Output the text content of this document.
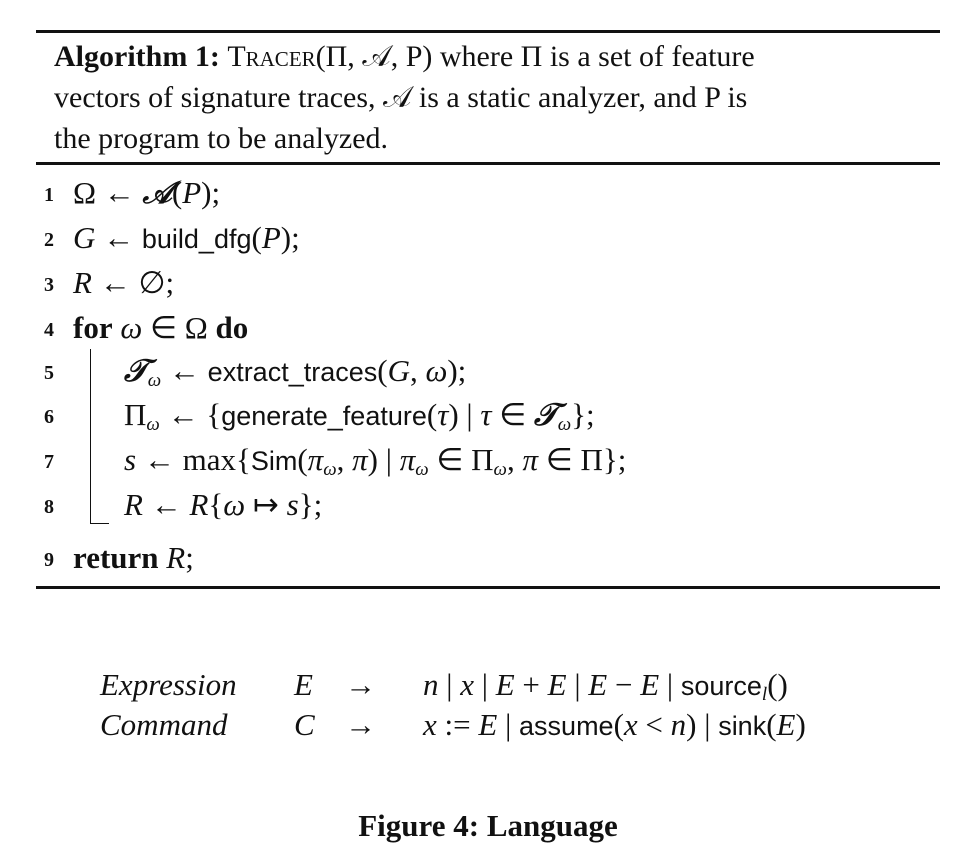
Algorithm 1: Tracer(Π, 𝒜, P) where Π is a set of feature
vectors of signature traces, 𝒜 is a static analyzer, and P is
the program to be analyzed.
1 Ω ← 𝒜(P);
2 G ← build_dfg(P);
3 R ← ∅;
4 for ω ∈ Ω do
5 𝒯$_\omega$ ← extract_traces(G, ω);
6 $\Pi_\omega$ ← {generate_feature(τ) | τ ∈ 𝒯$_\omega$};
7 s ← $\max\{Sim(\pi_\omega$, π) | $\pi_\omega$ ∈ $\Pi_\omega$, π ∈ Π};
8 R ← R{ω ↦ s};
9 return R;
Expression E → n | x | E + E | E − E | source$_l$()
Command C → x := E | assume(x < n) | sink(E)
Figure 4: Language
